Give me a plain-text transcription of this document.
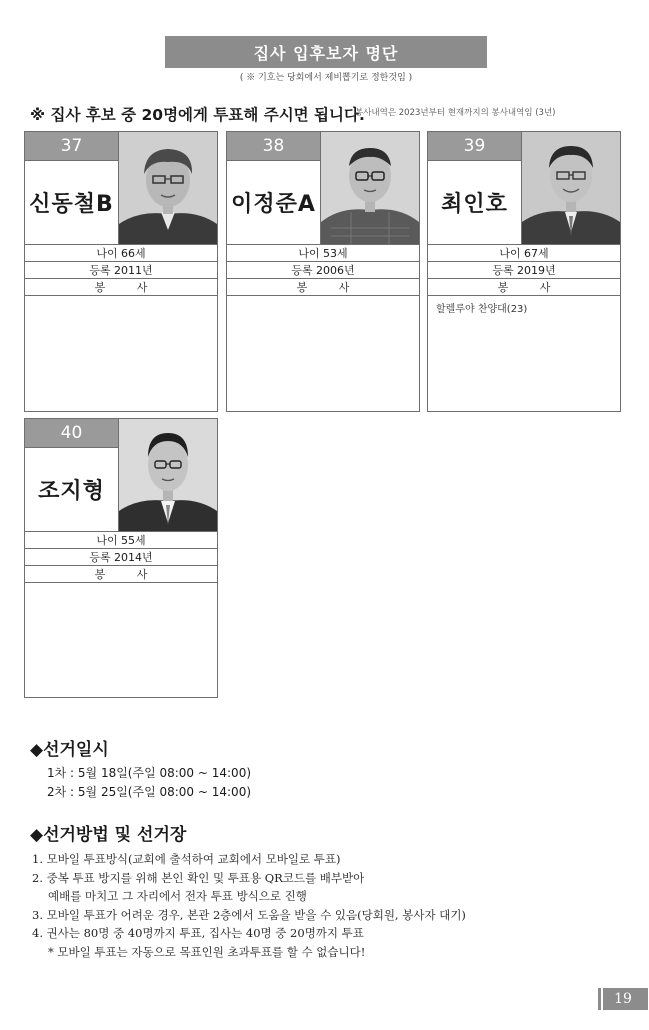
집사 입후보자 명단
( ※ 기호는 당회에서 제비뽑기로 정한것임 )
※ 집사 후보 중 20명에게 투표해 주시면 됩니다.
봉사내역은 2023년부터 현재까지의 봉사내역임 (3년)
37
신동철B
나이 66세
등록 2011년
봉 사
38
이정준A
나이 53세
등록 2006년
봉 사
39
최인호
나이 67세
등록 2019년
봉 사
할렐루야 찬양대(23)
40
조지형
나이 55세
등록 2014년
봉 사
◆선거일시
1차 : 5월 18일(주일 08:00 ~ 14:00)
2차 : 5월 25일(주일 08:00 ~ 14:00)
◆선거방법 및 선거장
1. 모바일 투표방식(교회에 출석하여 교회에서 모바일로 투표)
2. 중복 투표 방지를 위해 본인 확인 및 투표용 QR코드를 배부받아
예배를 마치고 그 자리에서 전자 투표 방식으로 진행
3. 모바일 투표가 어려운 경우, 본관 2층에서 도움을 받을 수 있음(당회원, 봉사자 대기)
4. 권사는 80명 중 40명까지 투표, 집사는 40명 중 20명까지 투표
* 모바일 투표는 자동으로 목표인원 초과투표를 할 수 없습니다!
19
